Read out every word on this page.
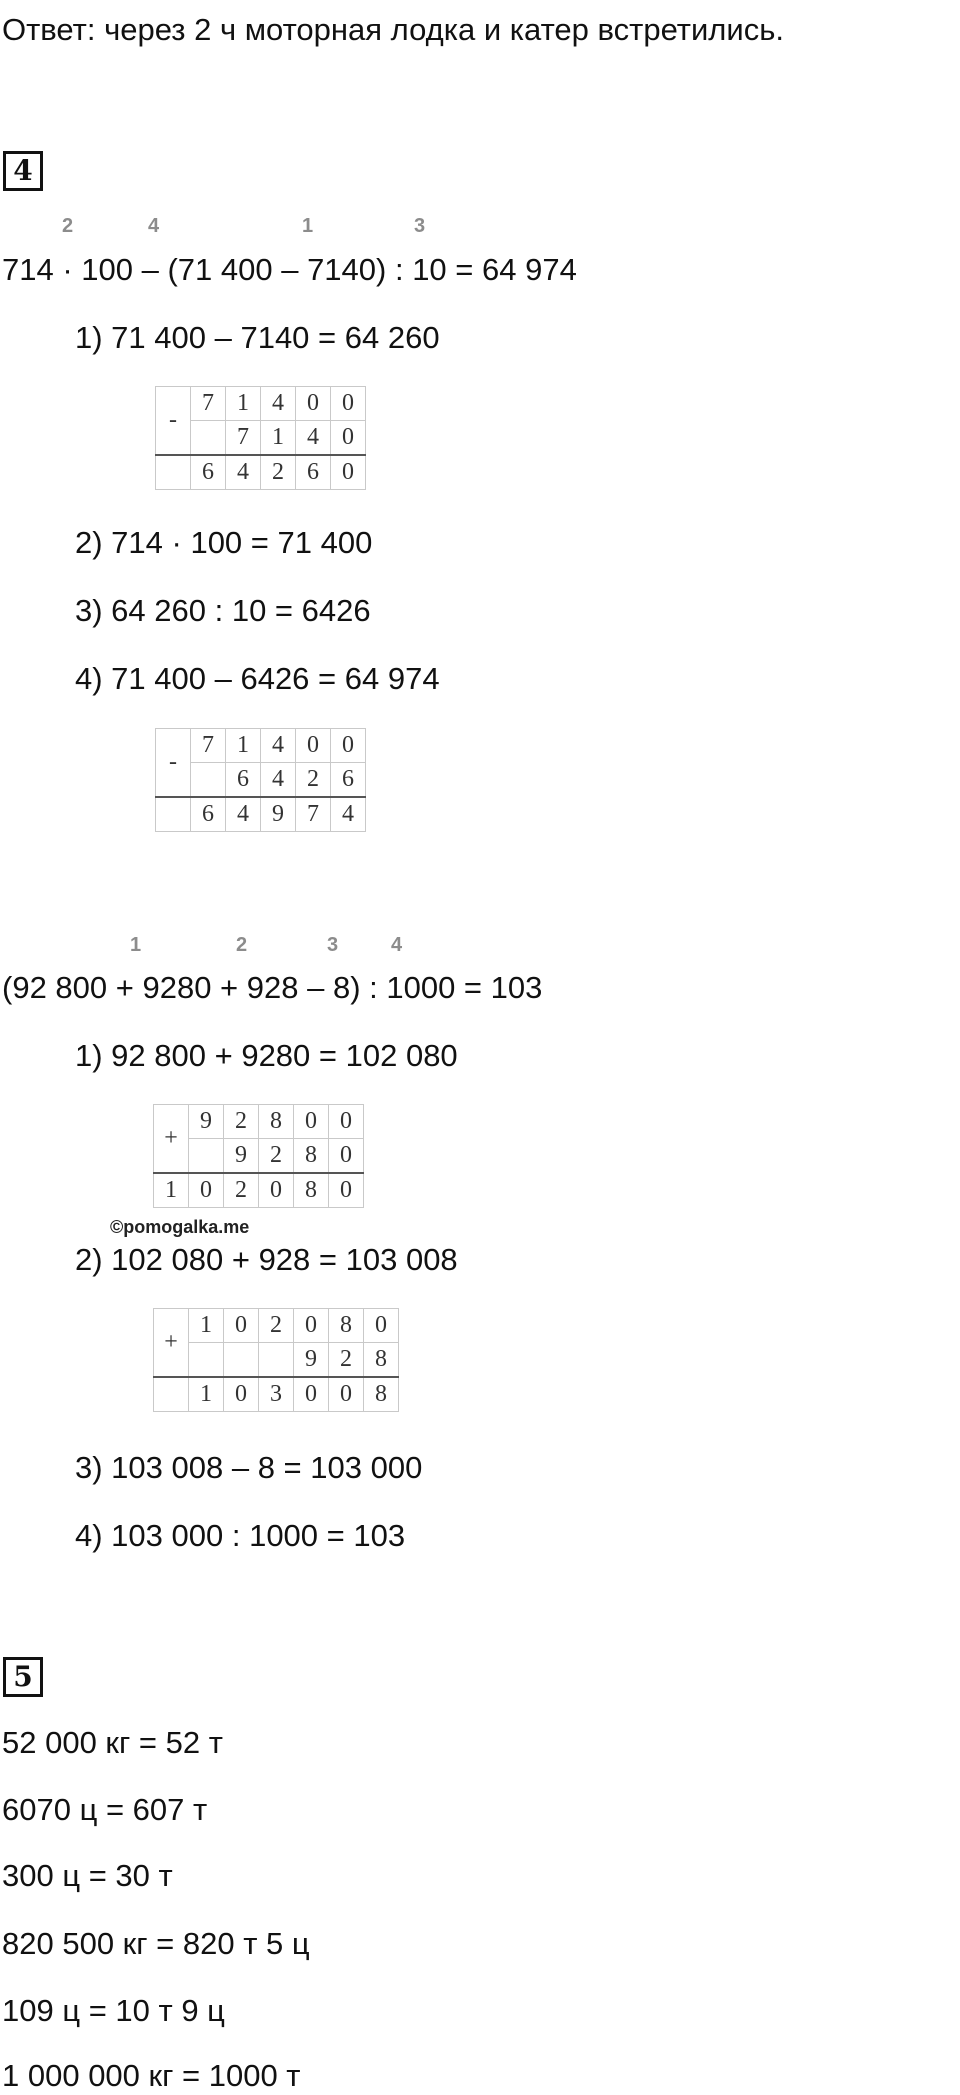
Ответ: через 2 ч моторная лодка и катер встретились.
4
2	4	1	3
714 · 100 – (71 400 – 7140) : 10 = 64 974
1) 71 400 – 7140 = 64 260
-	7	1	4	0	0
		7	1	4	0
	6	4	2	6	0
2) 714 · 100 = 71 400
3) 64 260 : 10 = 6426
4) 71 400 – 6426 = 64 974
-	7	1	4	0	0
		6	4	2	6
	6	4	9	7	4
1	2	3	4
(92 800 + 9280 + 928 – 8) : 1000 = 103
1) 92 800 + 9280 = 102 080
+	9	2	8	0	0
		9	2	8	0
1	0	2	0	8	0
©pomogalka.me
2) 102 080 + 928 = 103 008
+	1	0	2	0	8	0
				9	2	8
	1	0	3	0	0	8
3) 103 008 – 8 = 103 000
4) 103 000 : 1000 = 103
5
52 000 кг = 52 т
6070 ц = 607 т
300 ц = 30 т
820 500 кг = 820 т 5 ц
109 ц = 10 т 9 ц
1 000 000 кг = 1000 т
